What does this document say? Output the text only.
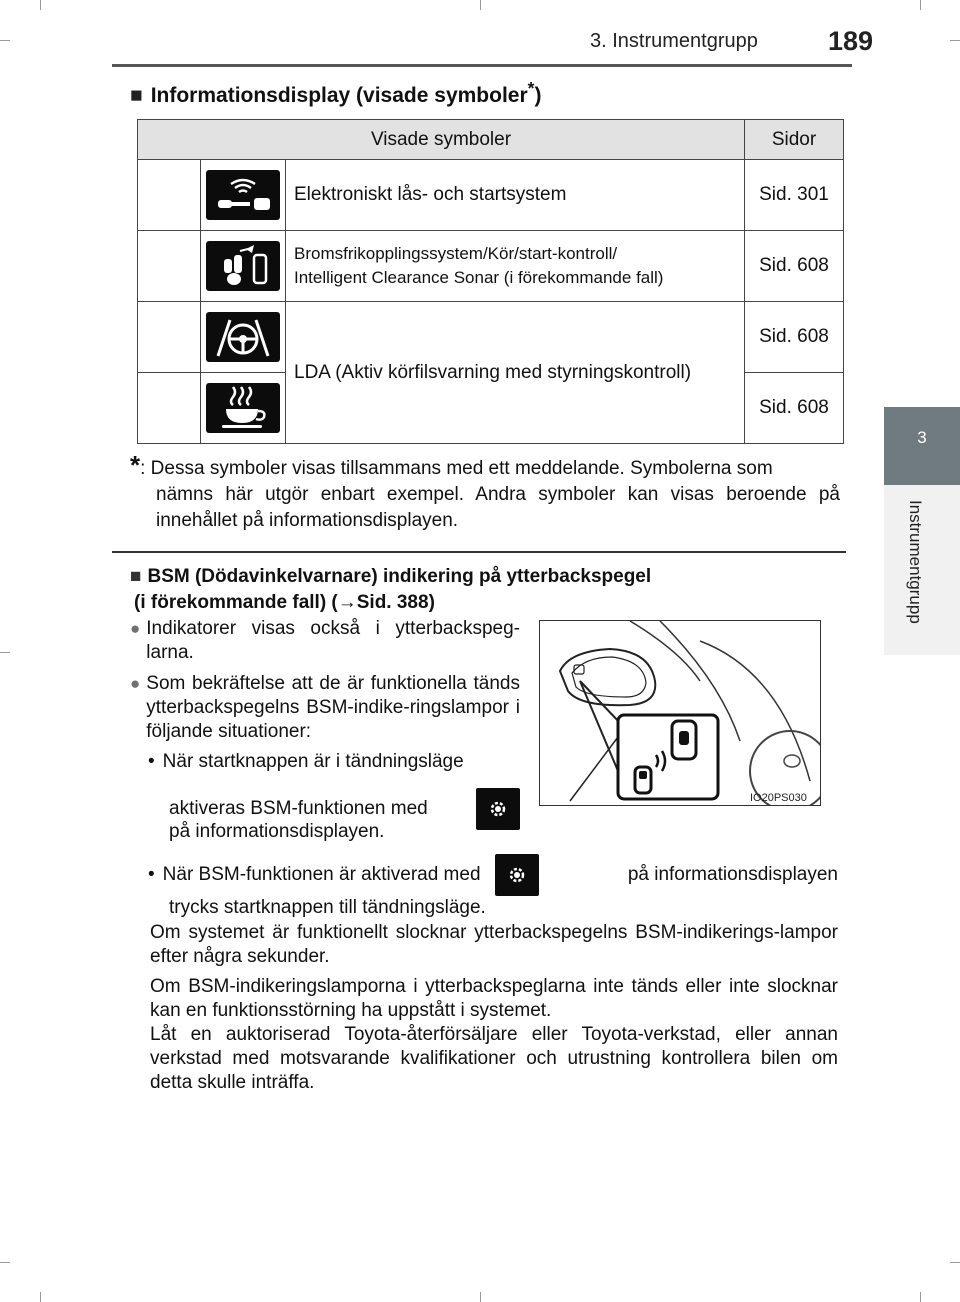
3. Instrumentgrupp	189
3
Instrumentgrupp
■ Informationsdisplay (visade symboler*)
Visade symboler			Sidor
		Elektroniskt lås- och startsystem	Sid. 301
		Bromsfrikopplingssystem/Kör/start-kontroll/
Intelligent Clearance Sonar (i förekommande fall)	Sid. 608
		LDA (Aktiv körfilsvarning med styrningskontroll)	Sid. 608
		Sid. 608
*: Dessa symboler visas tillsammans med ett meddelande. Symbolerna som
nämns här utgör enbart exempel. Andra symboler kan visas beroende på innehållet på informationsdisplayen.
■ BSM (Dödavinkelvarnare) indikering på ytterbackspegel
(i förekommande fall) (→Sid. 388)
● Indikatorer visas också i ytterbackspeg-larna.
● Som bekräftelse att de är funktionella tänds ytterbackspegelns BSM-indike-ringslampor i följande situationer:
• När startknappen är i tändningsläge
aktiveras BSM-funktionen med
på informationsdisplayen.
IO20PS030
• När BSM-funktionen är aktiverad med	på informationsdisplayen
trycks startknappen till tändningsläge.
Om systemet är funktionellt slocknar ytterbackspegelns BSM-indikerings-lampor efter några sekunder.
Om BSM-indikeringslamporna i ytterbackspeglarna inte tänds eller inte slocknar kan en funktionsstörning ha uppstått i systemet.
Låt en auktoriserad Toyota-återförsäljare eller Toyota-verkstad, eller annan verkstad med motsvarande kvalifikationer och utrustning kontrollera bilen om detta skulle inträffa.
